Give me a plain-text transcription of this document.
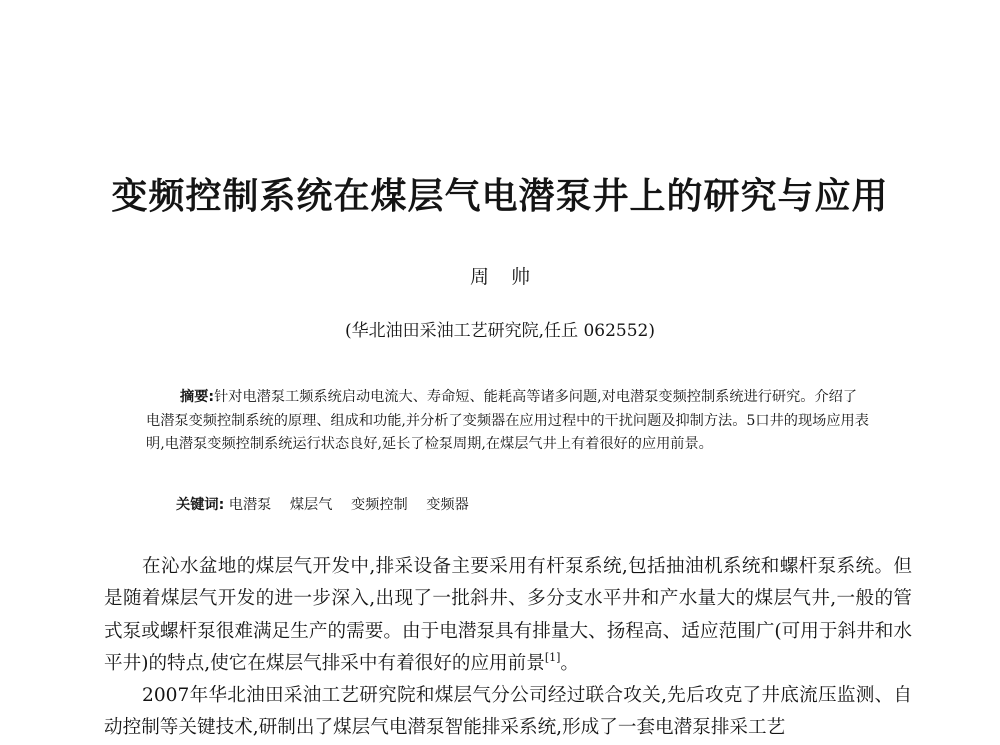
变频控制系统在煤层气电潜泵井上的研究与应用
周帅
(华北油田采油工艺研究院,任丘 062552)

摘要:针对电潜泵工频系统启动电流大、寿命短、能耗高等诸多问题,对电潜泵变频控制系统进行研究。介绍了电潜泵变频控制系统的原理、组成和功能,并分析了变频器在应用过程中的干扰问题及抑制方法。5口井的现场应用表明,电潜泵变频控制系统运行状态良好,延长了检泵周期,在煤层气井上有着很好的应用前景。

关键词: 电潜泵 煤层气 变频控制 变频器

在沁水盆地的煤层气开发中,排采设备主要采用有杆泵系统,包括抽油机系统和螺杆泵系统。但是随着煤层气开发的进一步深入,出现了一批斜井、多分支水平井和产水量大的煤层气井,一般的管式泵或螺杆泵很难满足生产的需要。由于电潜泵具有排量大、扬程高、适应范围广(可用于斜井和水平井)的特点,使它在煤层气排采中有着很好的应用前景[1]。

2007年华北油田采油工艺研究院和煤层气分公司经过联合攻关,先后攻克了井底流压监测、自动控制等关键技术,研制出了煤层气电潜泵智能排采系统,形成了一套电潜泵排采工艺
